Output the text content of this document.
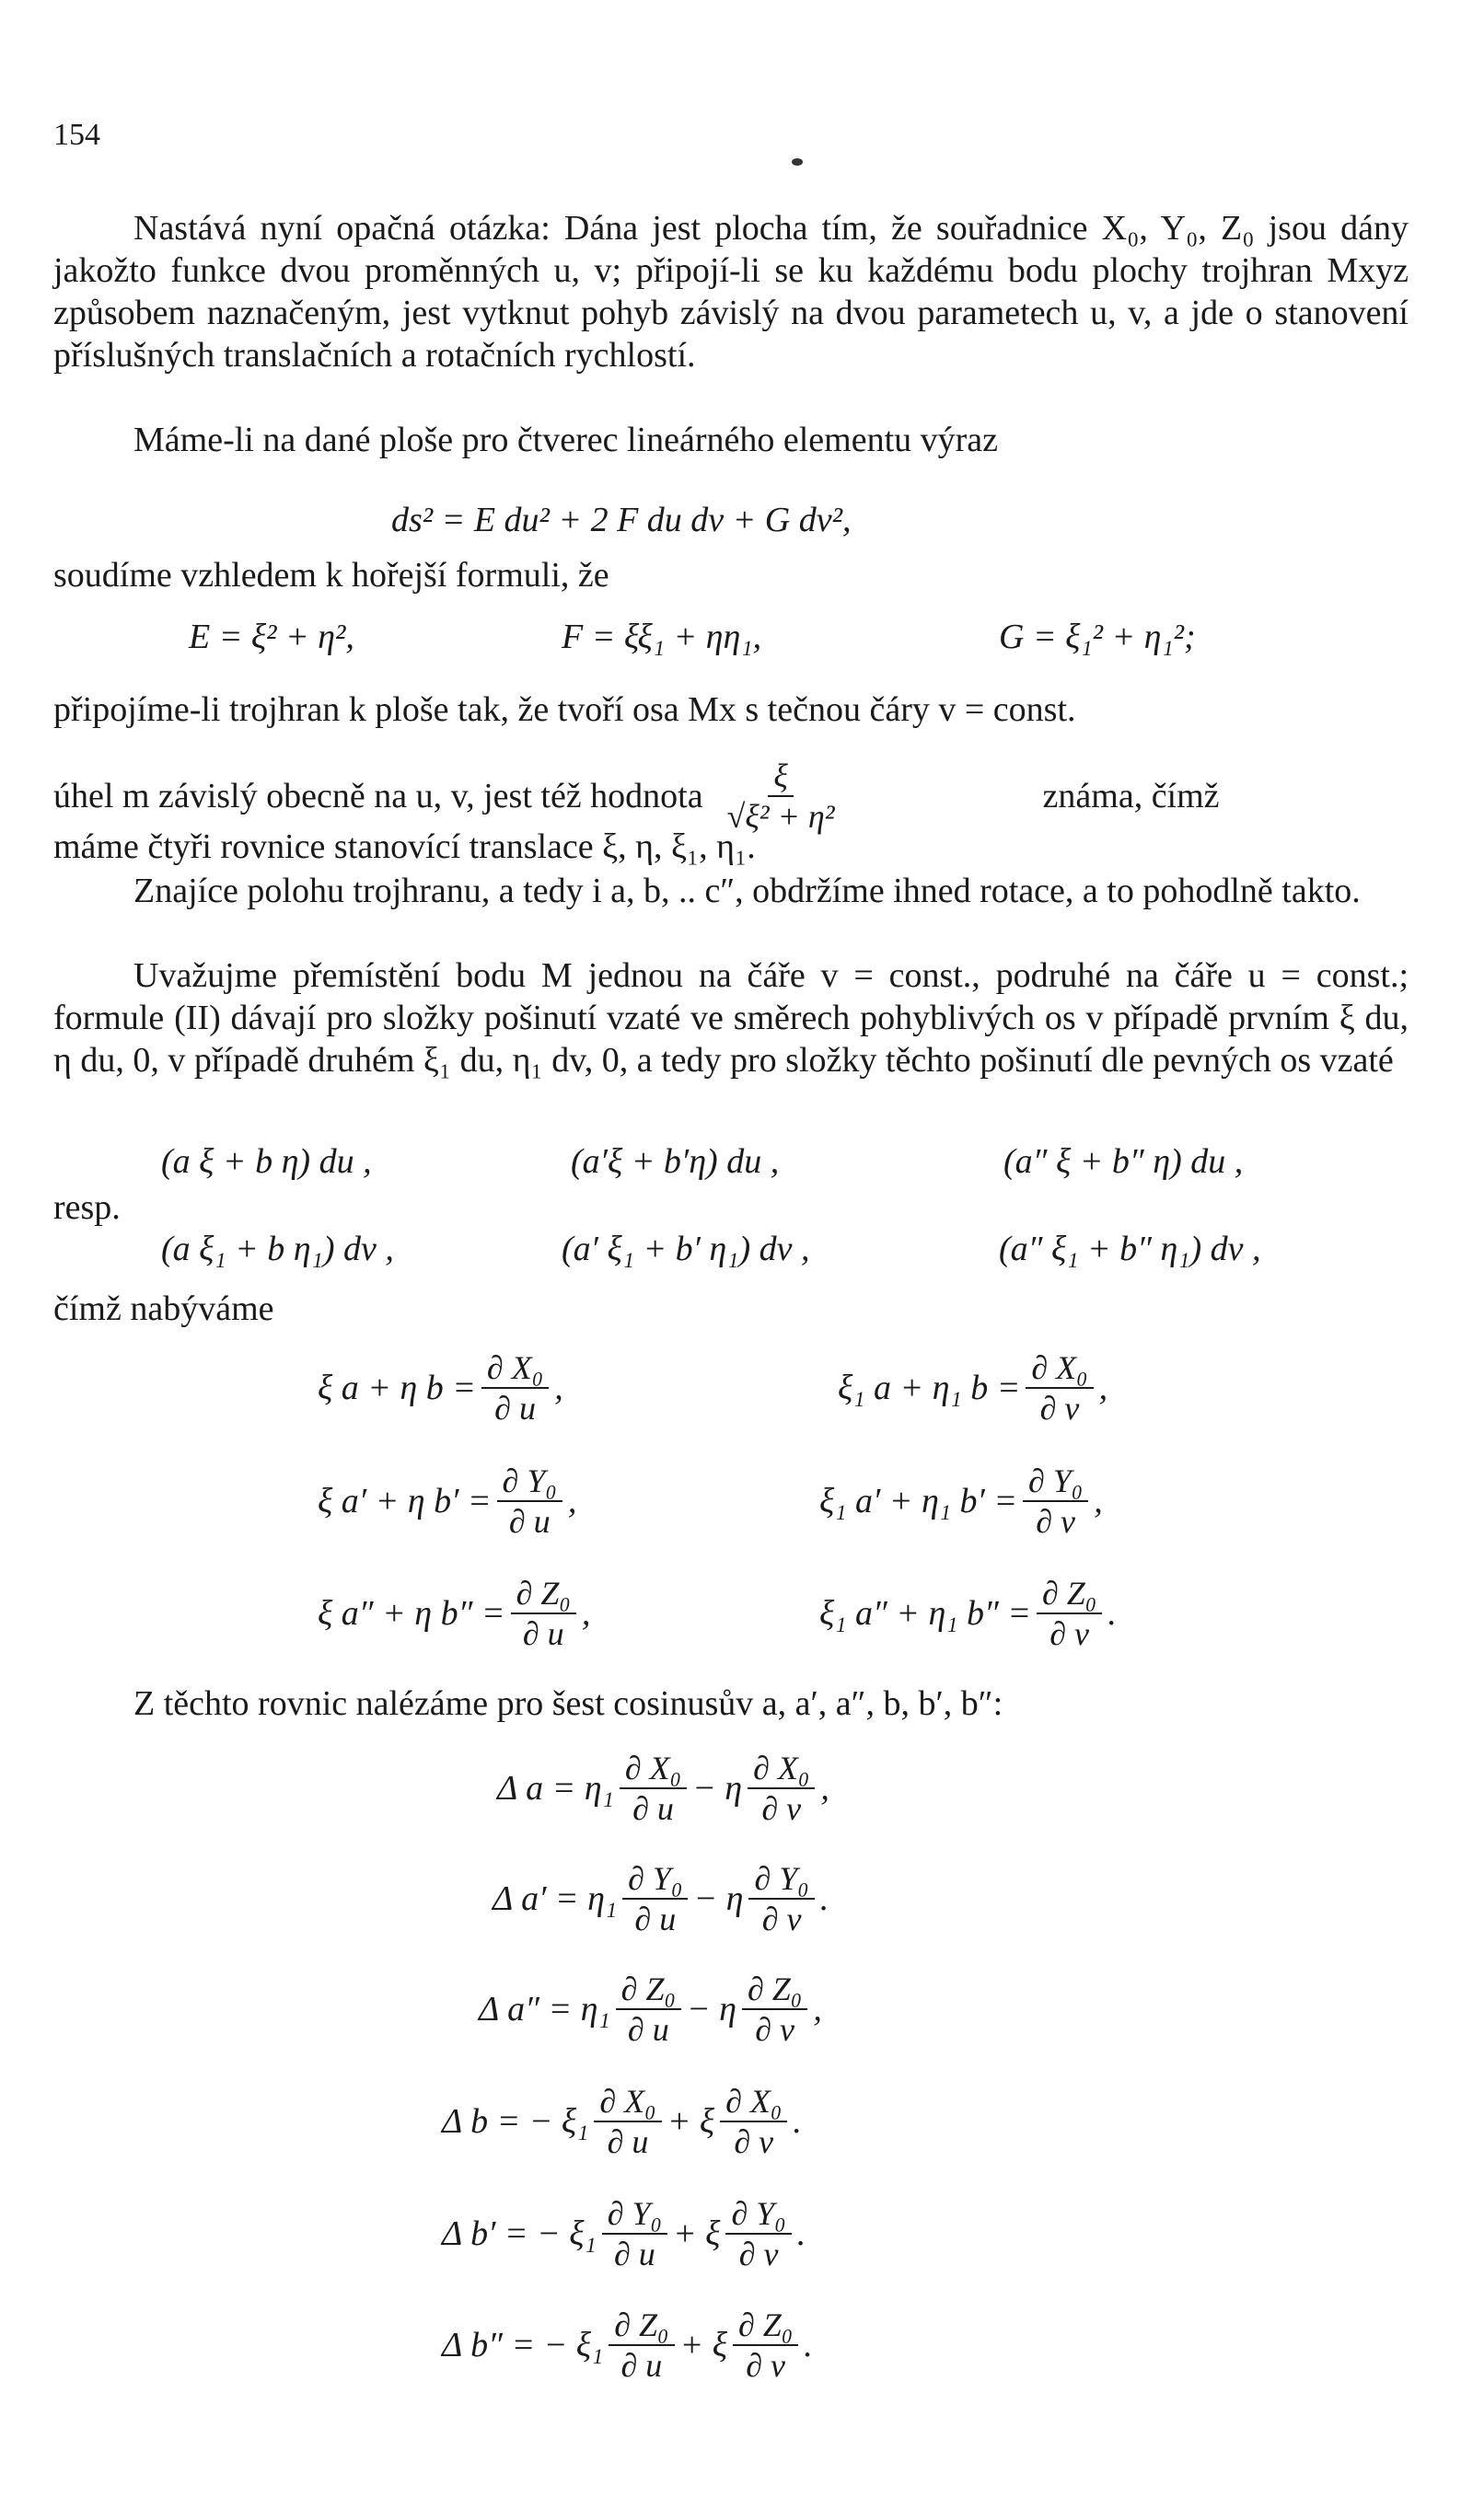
154
Nastává nyní opačná otázka: Dána jest plocha tím, že souřadnice X₀, Y₀, Z₀ jsou dány jakožto funkce dvou proměnných u, v; připojí-li se ku každému bodu plochy trojhran Mxyz způsobem naznačeným, jest vytknut pohyb závislý na dvou parametech u, v, a jde o stanovení příslušných translačních a rotačních rychlostí.
Máme-li na dané ploše pro čtverec lineárného elementu výraz
ds² = E du² + 2 F du dv + G dv²,
soudíme vzhledem k hořejší formuli, že
E = ξ² + η²,	F = ξξ₁ + ηη₁,	G = ξ₁² + η₁²;
připojíme-li trojhran k ploše tak, že tvoří osa Mx s tečnou čáry v = const.
úhel m závislý obecně na u, v, jest též hodnota $\frac{\xi}{\text{√ξ² + η²}}$	známa, čímž
máme čtyři rovnice stanovící translace ξ, η, ξ₁, η₁.
Znajíce polohu trojhranu, a tedy i a, b, .. c″, obdržíme ihned rotace, a to pohodlně takto.
Uvažujme přemístění bodu M jednou na čáře v = const., podruhé na čáře u = const.; formule (II) dávají pro složky pošinutí vzaté ve směrech pohyblivých os v případě prvním ξ du, η du, 0, v případě druhém ξ₁ du, η₁ dv, 0, a tedy pro složky těchto pošinutí dle pevných os vzaté
(a ξ + b η) du ,	(a′ξ + b′η) du ,	(a″ ξ + b″ η) du ,
resp.
(a ξ₁ + b η₁) dv ,	(a′ ξ₁ + b′ η₁) dv ,	(a″ ξ₁ + b″ η₁) dv ,
čímž nabýváme
ξ a + η $b = \frac{\text{∂ X₀}}{\partial u}$ ,	ξ₁ a + η₁ $b = \frac{\text{∂ X₀}}{\partial v}$ ,
ξ a′ + η $b' = \frac{\text{∂ Y₀}}{\partial u}$ ,	ξ₁ a′ + η₁ $b' = \frac{\text{∂ Y₀}}{\partial v}$ ,
ξ a″ + η $b'' = \frac{\text{∂ Z₀}}{\partial u}$ ,	ξ₁ a″ + η₁ $b'' = \frac{\text{∂ Z₀}}{\partial v}$ .
Z těchto rovnic nalézáme pro šest cosinusův a, a′, a″, b, b′, b″:
Δ $a = \eta_1 \frac{\text{∂ X₀}}{\partial u} - \eta \frac{\text{∂ X₀}}{\partial v}$ ,
Δ $a' = \eta_1 \frac{\text{∂ Y₀}}{\partial u} - \eta \frac{\text{∂ Y₀}}{\partial v}$ .
Δ $a'' = \eta_1 \frac{\text{∂ Z₀}}{\partial u} - \eta \frac{\text{∂ Z₀}}{\partial v}$ ,
Δ b = − $\xi_1 \frac{\text{∂ X₀}}{\partial u} + \xi \frac{\text{∂ X₀}}{\partial v}$ .
Δ b′ = − $\xi_1 \frac{\text{∂ Y₀}}{\partial u} + \xi \frac{\text{∂ Y₀}}{\partial v}$ .
Δ b″ = − $\xi_1 \frac{\text{∂ Z₀}}{\partial u} + \xi \frac{\text{∂ Z₀}}{\partial v}$ .
